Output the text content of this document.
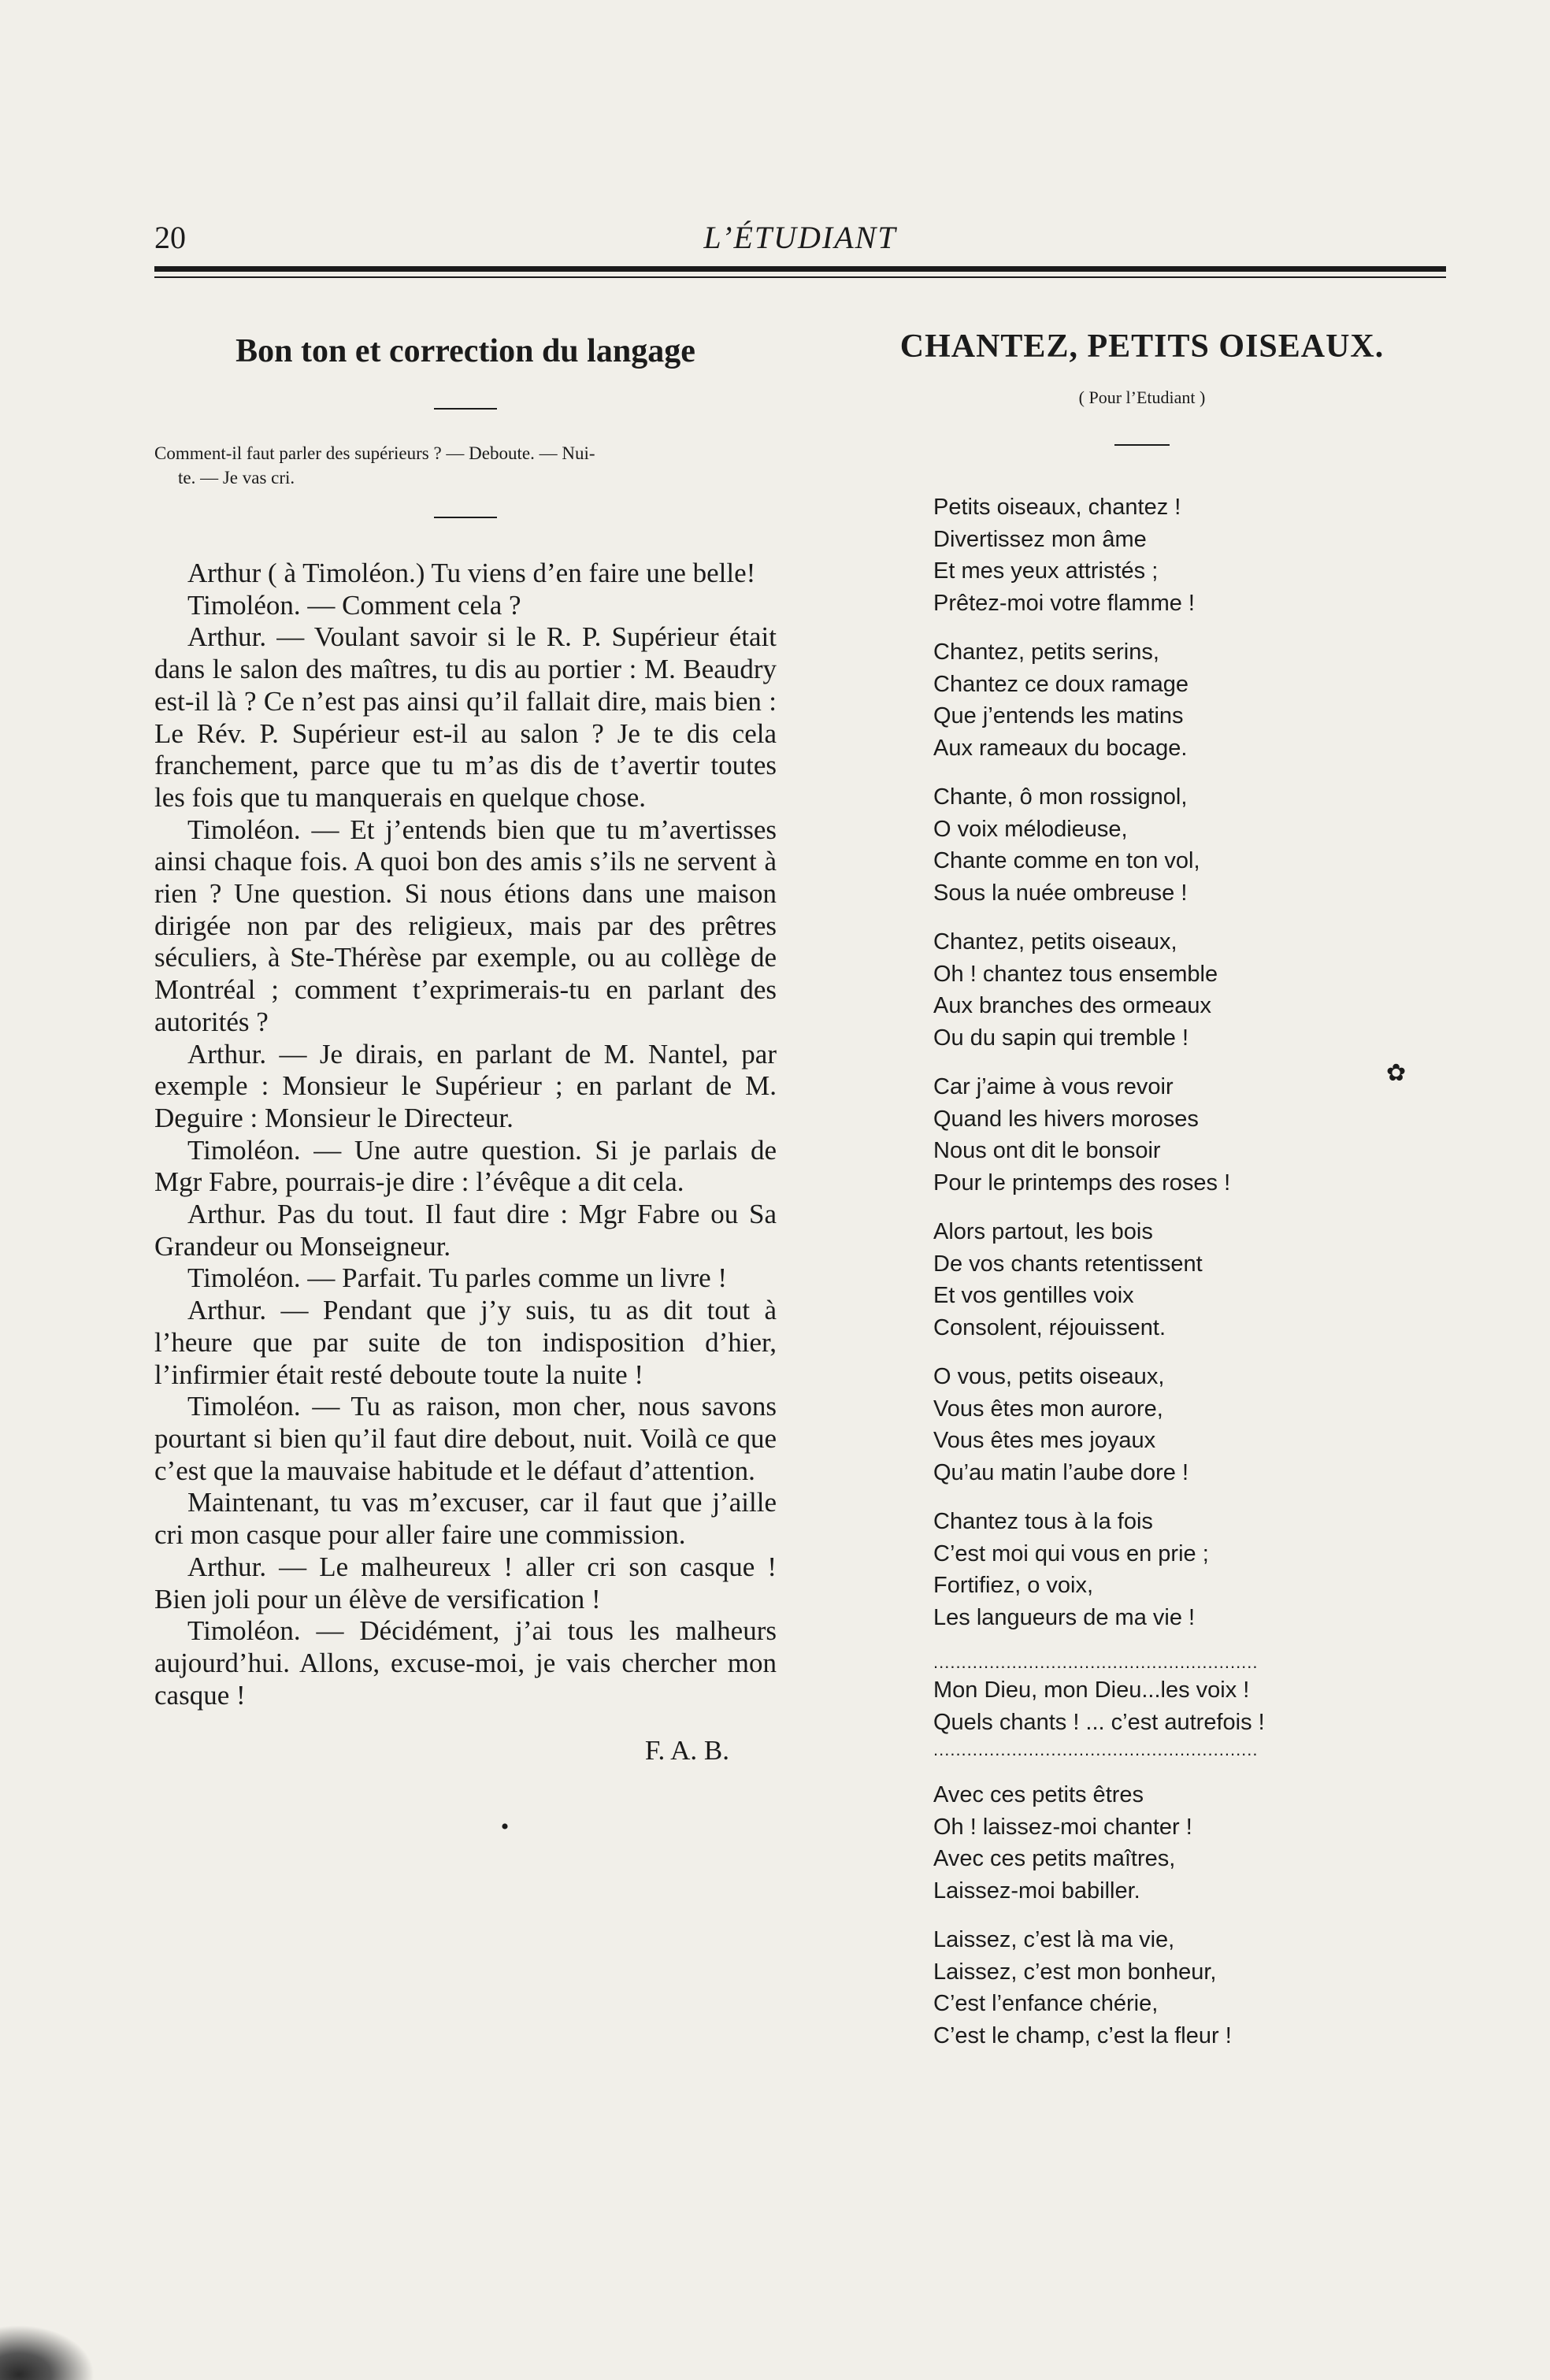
20	L’ÉTUDIANT
Bon ton et correction du langage
Comment-il faut parler des supérieurs ? — Deboute. — Nui-
te. — Je vas cri.

Arthur ( à Timoléon.) Tu viens d’en faire une belle!

Timoléon. — Comment cela ?

Arthur. — Voulant savoir si le R. P. Supérieur était dans le salon des maîtres, tu dis au portier : M. Beaudry est-il là ? Ce n’est pas ainsi qu’il fallait dire, mais bien : Le Rév. P. Supérieur est-il au salon ? Je te dis cela franchement, parce que tu m’as dis de t’avertir toutes les fois que tu manquerais en quelque chose.

Timoléon. — Et j’entends bien que tu m’avertisses ainsi chaque fois. A quoi bon des amis s’ils ne servent à rien ? Une question. Si nous étions dans une maison dirigée non par des religieux, mais par des prêtres séculiers, à Ste-Thérèse par exemple, ou au collège de Montréal ; comment t’exprimerais-tu en parlant des autorités ?

Arthur. — Je dirais, en parlant de M. Nantel, par exemple : Monsieur le Supérieur ; en parlant de M. Deguire : Monsieur le Directeur.

Timoléon. — Une autre question. Si je parlais de Mgr Fabre, pourrais-je dire : l’évêque a dit cela.

Arthur. Pas du tout. Il faut dire : Mgr Fabre ou Sa Grandeur ou Monseigneur.

Timoléon. — Parfait. Tu parles comme un livre !

Arthur. — Pendant que j’y suis, tu as dit tout à l’heure que par suite de ton indisposition d’hier, l’infirmier était resté deboute toute la nuite !

Timoléon. — Tu as raison, mon cher, nous savons pourtant si bien qu’il faut dire debout, nuit. Voilà ce que c’est que la mauvaise habitude et le défaut d’attention.

Maintenant, tu vas m’excuser, car il faut que j’aille cri mon casque pour aller faire une commission.

Arthur. — Le malheureux ! aller cri son casque ! Bien joli pour un élève de versification !

Timoléon. — Décidément, j’ai tous les malheurs aujourd’hui. Allons, excuse-moi, je vais chercher mon casque !

F. A. B.
•
CHANTEZ, PETITS OISEAUX.
( Pour l’Etudiant )
Petits oiseaux, chantez !
Divertissez mon âme
Et mes yeux attristés ;
Prêtez-moi votre flamme !
Chantez, petits serins,
Chantez ce doux ramage
Que j’entends les matins
Aux rameaux du bocage.
Chante, ô mon rossignol,
O voix mélodieuse,
Chante comme en ton vol,
Sous la nuée ombreuse !
Chantez, petits oiseaux,
Oh ! chantez tous ensemble
Aux branches des ormeaux
Ou du sapin qui tremble !
Car j’aime à vous revoir
Quand les hivers moroses
Nous ont dit le bonsoir
Pour le printemps des roses !
Alors partout, les bois
De vos chants retentissent
Et vos gentilles voix
Consolent, réjouissent.
O vous, petits oiseaux,
Vous êtes mon aurore,
Vous êtes mes joyaux
Qu’au matin l’aube dore !
Chantez tous à la fois
C’est moi qui vous en prie ;
Fortifiez, o voix,
Les langueurs de ma vie !
..........................................................
Mon Dieu, mon Dieu...les voix !
Quels chants ! ... c’est autrefois !
..........................................................
Avec ces petits êtres
Oh ! laissez-moi chanter !
Avec ces petits maîtres,
Laissez-moi babiller.
Laissez, c’est là ma vie,
Laissez, c’est mon bonheur,
C’est l’enfance chérie,
C’est le champ, c’est la fleur !
✿
